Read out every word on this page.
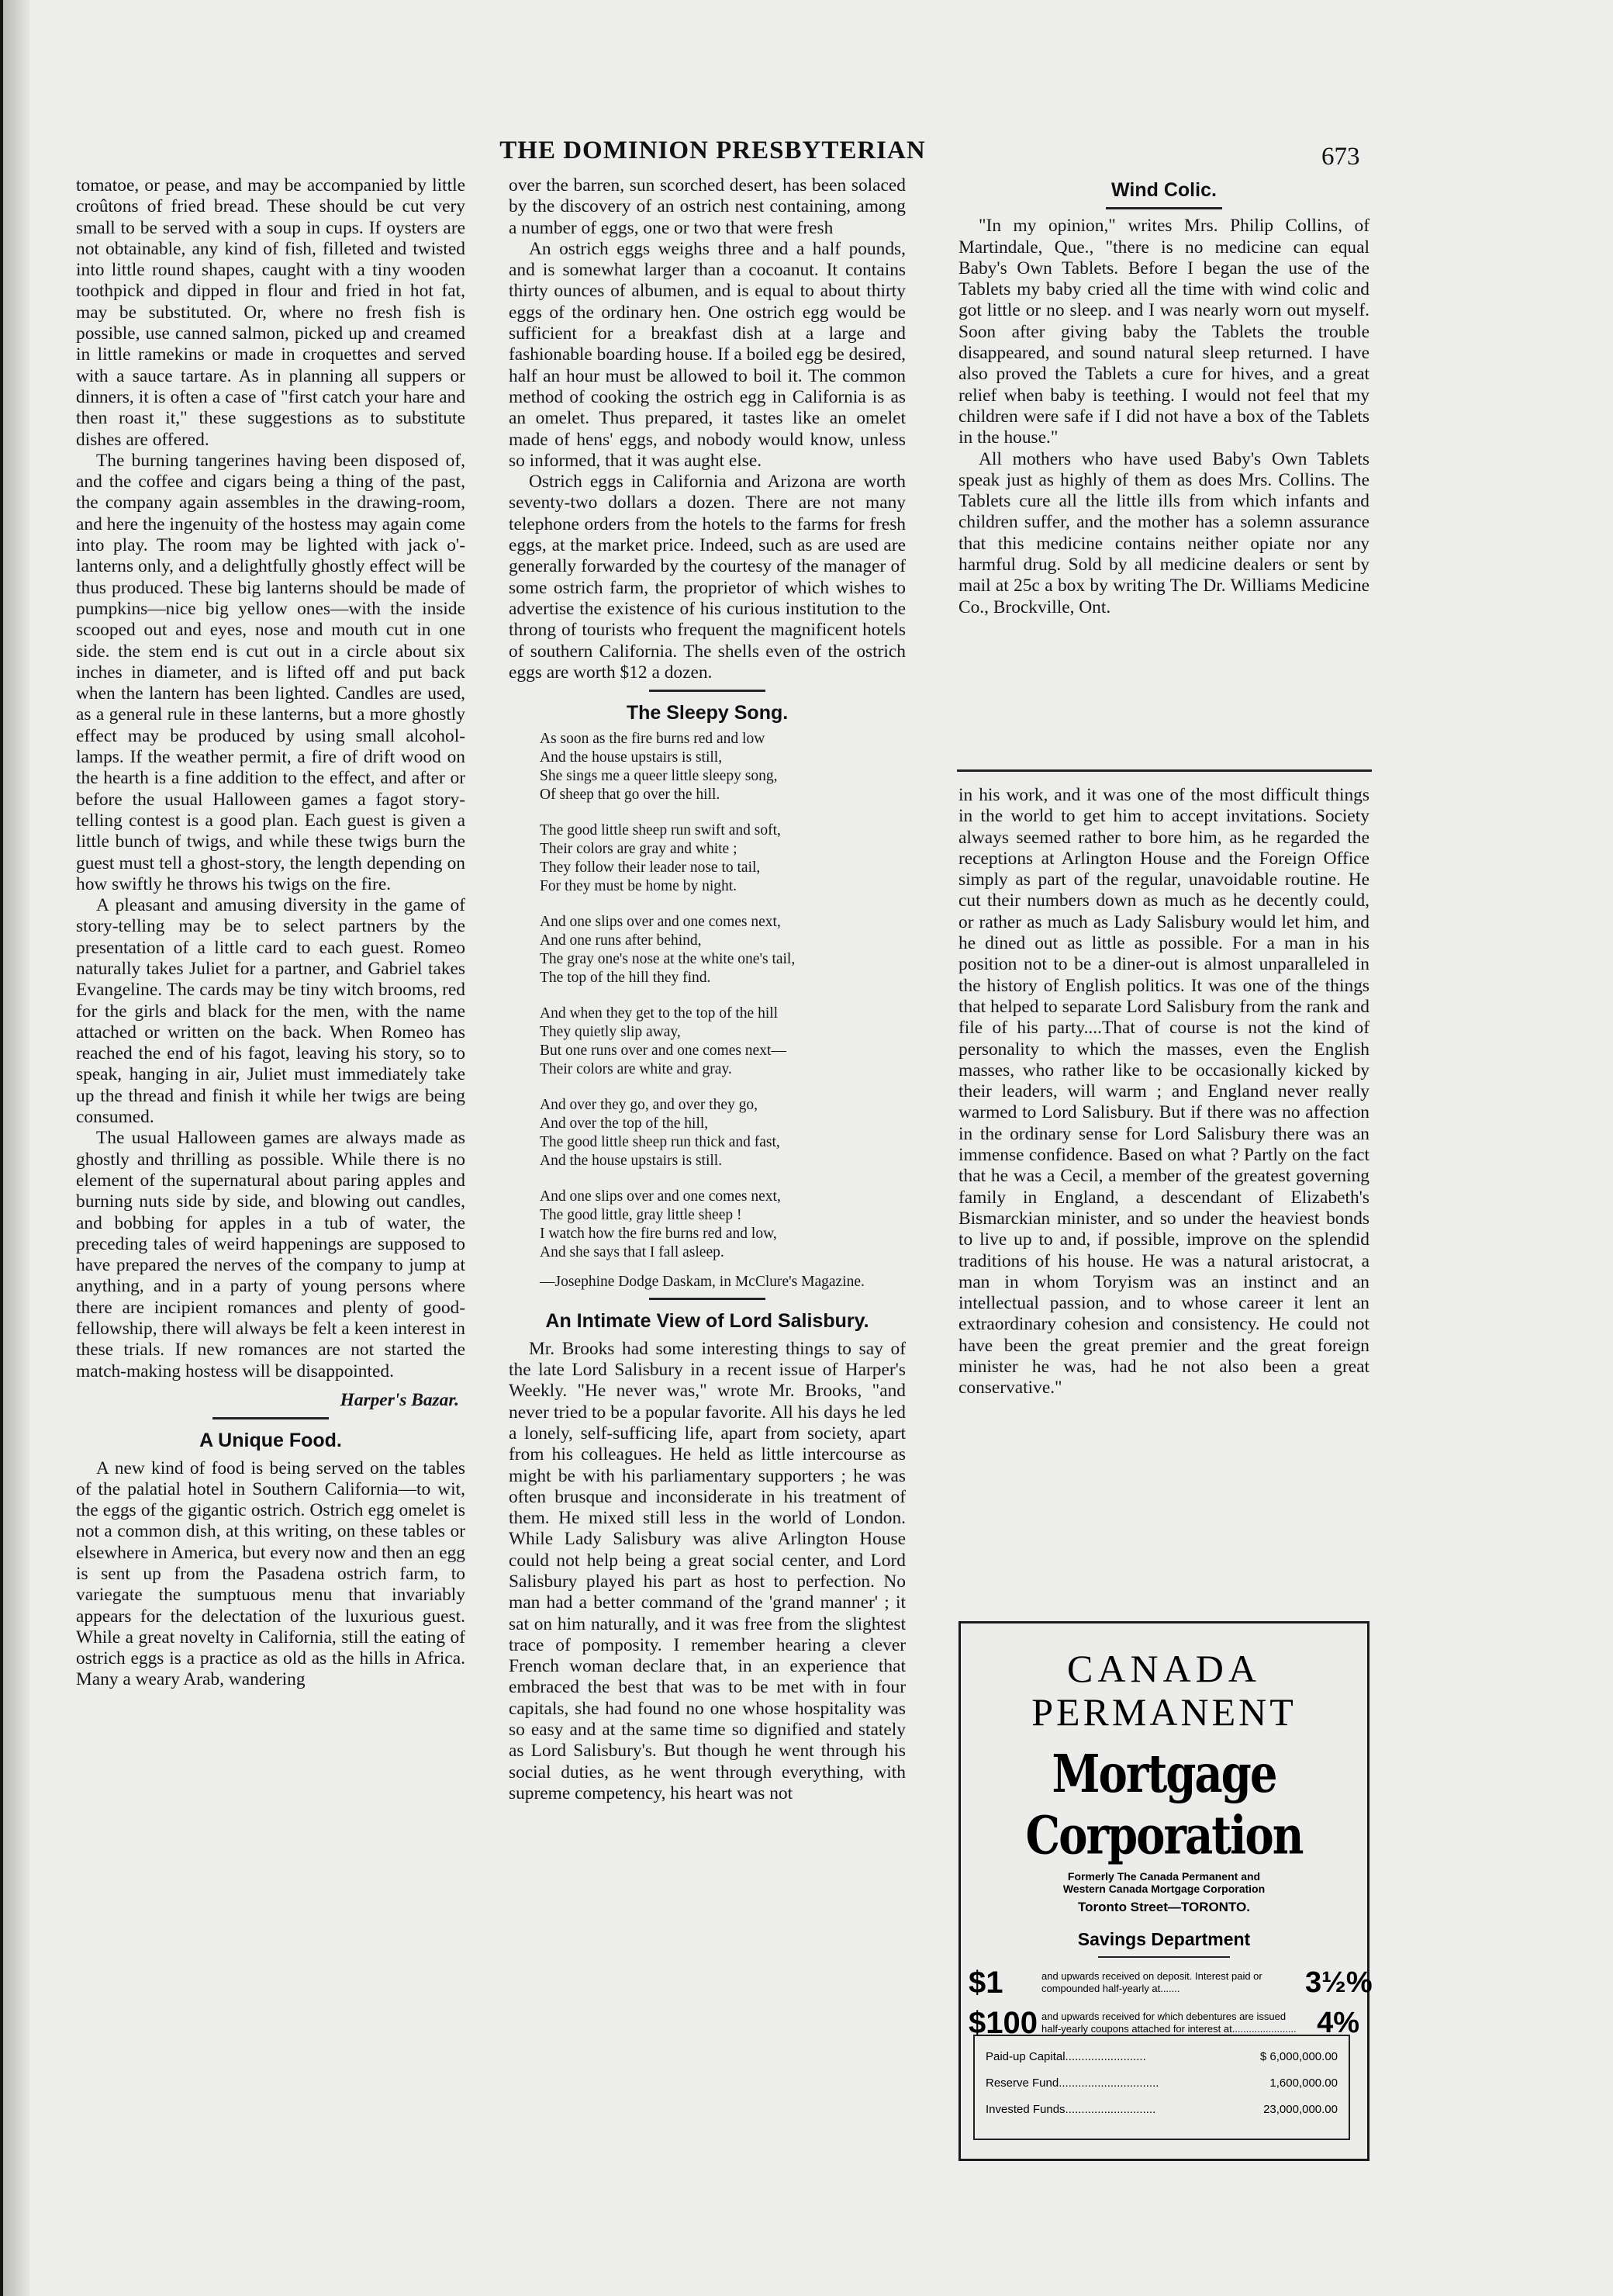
THE DOMINION PRESBYTERIAN	673

tomatoe, or pease, and may be accompanied by little croûtons of fried bread. These should be cut very small to be served with a soup in cups. If oysters are not obtainable, any kind of fish, filleted and twisted into little round shapes, caught with a tiny wooden toothpick and dipped in flour and fried in hot fat, may be substituted. Or, where no fresh fish is possible, use canned salmon, picked up and creamed in little ramekins or made in croquettes and served with a sauce tartare. As in planning all suppers or dinners, it is often a case of "first catch your hare and then roast it," these suggestions as to substitute dishes are offered.

The burning tangerines having been disposed of, and the coffee and cigars being a thing of the past, the company again assembles in the drawing-room, and here the ingenuity of the hostess may again come into play. The room may be lighted with jack o'-lanterns only, and a delightfully ghostly effect will be thus produced. These big lanterns should be made of pumpkins—nice big yellow ones—with the inside scooped out and eyes, nose and mouth cut in one side. the stem end is cut out in a circle about six inches in diameter, and is lifted off and put back when the lantern has been lighted. Candles are used, as a general rule in these lanterns, but a more ghostly effect may be produced by using small alcohol-lamps. If the weather permit, a fire of drift wood on the hearth is a fine addition to the effect, and after or before the usual Halloween games a fagot story-telling contest is a good plan. Each guest is given a little bunch of twigs, and while these twigs burn the guest must tell a ghost-story, the length depending on how swiftly he throws his twigs on the fire.

A pleasant and amusing diversity in the game of story-telling may be to select partners by the presentation of a little card to each guest. Romeo naturally takes Juliet for a partner, and Gabriel takes Evangeline. The cards may be tiny witch brooms, red for the girls and black for the men, with the name attached or written on the back. When Romeo has reached the end of his fagot, leaving his story, so to speak, hanging in air, Juliet must immediately take up the thread and finish it while her twigs are being consumed.

The usual Halloween games are always made as ghostly and thrilling as possible. While there is no element of the supernatural about paring apples and burning nuts side by side, and blowing out candles, and bobbing for apples in a tub of water, the preceding tales of weird happenings are supposed to have prepared the nerves of the company to jump at anything, and in a party of young persons where there are incipient romances and plenty of good-fellowship, there will always be felt a keen interest in these trials. If new romances are not started the match-making hostess will be disappointed.

Harper's Bazar.
A Unique Food.

A new kind of food is being served on the tables of the palatial hotel in Southern California—to wit, the eggs of the gigantic ostrich. Ostrich egg omelet is not a common dish, at this writing, on these tables or elsewhere in America, but every now and then an egg is sent up from the Pasadena ostrich farm, to variegate the sumptuous menu that invariably appears for the delectation of the luxurious guest. While a great novelty in California, still the eating of ostrich eggs is a practice as old as the hills in Africa. Many a weary Arab, wandering

over the barren, sun scorched desert, has been solaced by the discovery of an ostrich nest containing, among a number of eggs, one or two that were fresh

An ostrich eggs weighs three and a half pounds, and is somewhat larger than a cocoanut. It contains thirty ounces of albumen, and is equal to about thirty eggs of the ordinary hen. One ostrich egg would be sufficient for a breakfast dish at a large and fashionable boarding house. If a boiled egg be desired, half an hour must be allowed to boil it. The common method of cooking the ostrich egg in California is as an omelet. Thus prepared, it tastes like an omelet made of hens' eggs, and nobody would know, unless so informed, that it was aught else.

Ostrich eggs in California and Arizona are worth seventy-two dollars a dozen. There are not many telephone orders from the hotels to the farms for fresh eggs, at the market price. Indeed, such as are used are generally forwarded by the courtesy of the manager of some ostrich farm, the proprietor of which wishes to advertise the existence of his curious institution to the throng of tourists who frequent the magnificent hotels of southern California. The shells even of the ostrich eggs are worth $12 a dozen.

The Sleepy Song.
As soon as the fire burns red and low
And the house upstairs is still,
She sings me a queer little sleepy song,
Of sheep that go over the hill.
The good little sheep run swift and soft,
Their colors are gray and white ;
They follow their leader nose to tail,
For they must be home by night.
And one slips over and one comes next,
And one runs after behind,
The gray one's nose at the white one's tail,
The top of the hill they find.
And when they get to the top of the hill
They quietly slip away,
But one runs over and one comes next—
Their colors are white and gray.
And over they go, and over they go,
And over the top of the hill,
The good little sheep run thick and fast,
And the house upstairs is still.
And one slips over and one comes next,
The good little, gray little sheep !
I watch how the fire burns red and low,
And she says that I fall asleep.
—Josephine Dodge Daskam, in McClure's Magazine.
An Intimate View of Lord Salisbury.

Mr. Brooks had some interesting things to say of the late Lord Salisbury in a recent issue of Harper's Weekly. "He never was," wrote Mr. Brooks, "and never tried to be a popular favorite. All his days he led a lonely, self-sufficing life, apart from society, apart from his colleagues. He held as little intercourse as might be with his parliamentary supporters ; he was often brusque and inconsiderate in his treatment of them. He mixed still less in the world of London. While Lady Salisbury was alive Arlington House could not help being a great social center, and Lord Salisbury played his part as host to perfection. No man had a better command of the 'grand manner' ; it sat on him naturally, and it was free from the slightest trace of pomposity. I remember hearing a clever French woman declare that, in an experience that embraced the best that was to be met with in four capitals, she had found no one whose hospitality was so easy and at the same time so dignified and stately as Lord Salisbury's. But though he went through his social duties, as he went through everything, with supreme competency, his heart was not

Wind Colic.

"In my opinion," writes Mrs. Philip Collins, of Martindale, Que., "there is no medicine can equal Baby's Own Tablets. Before I began the use of the Tablets my baby cried all the time with wind colic and got little or no sleep. and I was nearly worn out myself. Soon after giving baby the Tablets the trouble disappeared, and sound natural sleep returned. I have also proved the Tablets a cure for hives, and a great relief when baby is teething. I would not feel that my children were safe if I did not have a box of the Tablets in the house."

All mothers who have used Baby's Own Tablets speak just as highly of them as does Mrs. Collins. The Tablets cure all the little ills from which infants and children suffer, and the mother has a solemn assurance that this medicine contains neither opiate nor any harmful drug. Sold by all medicine dealers or sent by mail at 25c a box by writing The Dr. Williams Medicine Co., Brockville, Ont.

in his work, and it was one of the most difficult things in the world to get him to accept invitations. Society always seemed rather to bore him, as he regarded the receptions at Arlington House and the Foreign Office simply as part of the regular, unavoidable routine. He cut their numbers down as much as he decently could, or rather as much as Lady Salisbury would let him, and he dined out as little as possible. For a man in his position not to be a diner-out is almost unparalleled in the history of English politics. It was one of the things that helped to separate Lord Salisbury from the rank and file of his party....That of course is not the kind of personality to which the masses, even the English masses, who rather like to be occasionally kicked by their leaders, will warm ; and England never really warmed to Lord Salisbury. But if there was no affection in the ordinary sense for Lord Salisbury there was an immense confidence. Based on what ? Partly on the fact that he was a Cecil, a member of the greatest governing family in England, a descendant of Elizabeth's Bismarckian minister, and so under the heaviest bonds to live up to and, if possible, improve on the splendid traditions of his house. He was a natural aristocrat, a man in whom Toryism was an instinct and an intellectual passion, and to whose career it lent an extraordinary cohesion and consistency. He could not have been the great premier and the great foreign minister he was, had he not also been a great conservative."

CANADA
PERMANENT
Mortgage Corporation
Formerly The Canada Permanent and
Western Canada Mortgage Corporation
Toronto Street—TORONTO.
Savings Department
$1	and upwards received on deposit. Interest paid or compounded half-yearly at.......	3½%
$100 and upwards received for which debentures are issued half-yearly coupons attached for interest at....................... 4%
Paid-up Capital.........................	$ 6,000,000.00
Reserve Fund...............................	1,600,000.00
Invested Funds............................	23,000,000.00
